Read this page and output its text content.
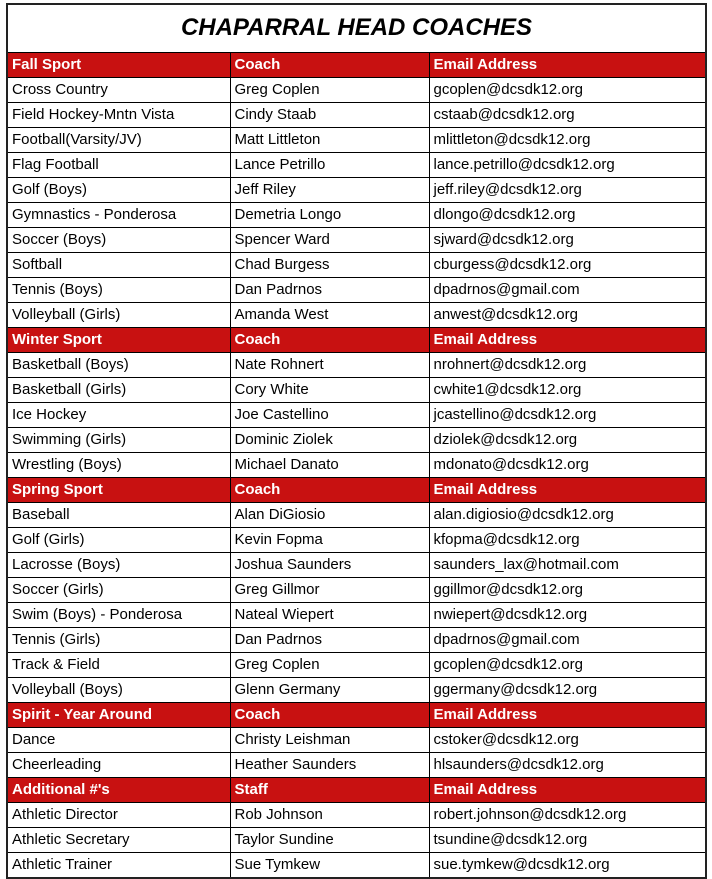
CHAPARRAL HEAD COACHES		
Fall Sport	Coach	Email Address
Cross Country	Greg Coplen	gcoplen@dcsdk12.org
Field Hockey-Mntn Vista	Cindy Staab	cstaab@dcsdk12.org
Football(Varsity/JV)	Matt Littleton	mlittleton@dcsdk12.org
Flag Football	Lance Petrillo	lance.petrillo@dcsdk12.org
Golf (Boys)	Jeff Riley	jeff.riley@dcsdk12.org
Gymnastics - Ponderosa	Demetria Longo	dlongo@dcsdk12.org
Soccer (Boys)	Spencer Ward	sjward@dcsdk12.org
Softball	Chad Burgess	cburgess@dcsdk12.org
Tennis (Boys)	Dan Padrnos	dpadrnos@gmail.com
Volleyball (Girls)	Amanda West	anwest@dcsdk12.org
Winter Sport	Coach	Email Address
Basketball (Boys)	Nate Rohnert	nrohnert@dcsdk12.org
Basketball (Girls)	Cory White	cwhite1@dcsdk12.org
Ice Hockey	Joe Castellino	jcastellino@dcsdk12.org
Swimming (Girls)	Dominic Ziolek	dziolek@dcsdk12.org
Wrestling (Boys)	Michael Danato	mdonato@dcsdk12.org
Spring Sport	Coach	Email Address
Baseball	Alan DiGiosio	alan.digiosio@dcsdk12.org
Golf (Girls)	Kevin Fopma	kfopma@dcsdk12.org
Lacrosse (Boys)	Joshua Saunders	saunders_lax@hotmail.com
Soccer (Girls)	Greg Gillmor	ggillmor@dcsdk12.org
Swim (Boys) - Ponderosa	Nateal Wiepert	nwiepert@dcsdk12.org
Tennis (Girls)	Dan Padrnos	dpadrnos@gmail.com
Track & Field	Greg Coplen	gcoplen@dcsdk12.org
Volleyball (Boys)	Glenn Germany	ggermany@dcsdk12.org
Spirit - Year Around	Coach	Email Address
Dance	Christy Leishman	cstoker@dcsdk12.org
Cheerleading	Heather Saunders	hlsaunders@dcsdk12.org
Additional #'s	Staff	Email Address
Athletic Director	Rob Johnson	robert.johnson@dcsdk12.org
Athletic Secretary	Taylor Sundine	tsundine@dcsdk12.org
Athletic Trainer	Sue Tymkew	sue.tymkew@dcsdk12.org
